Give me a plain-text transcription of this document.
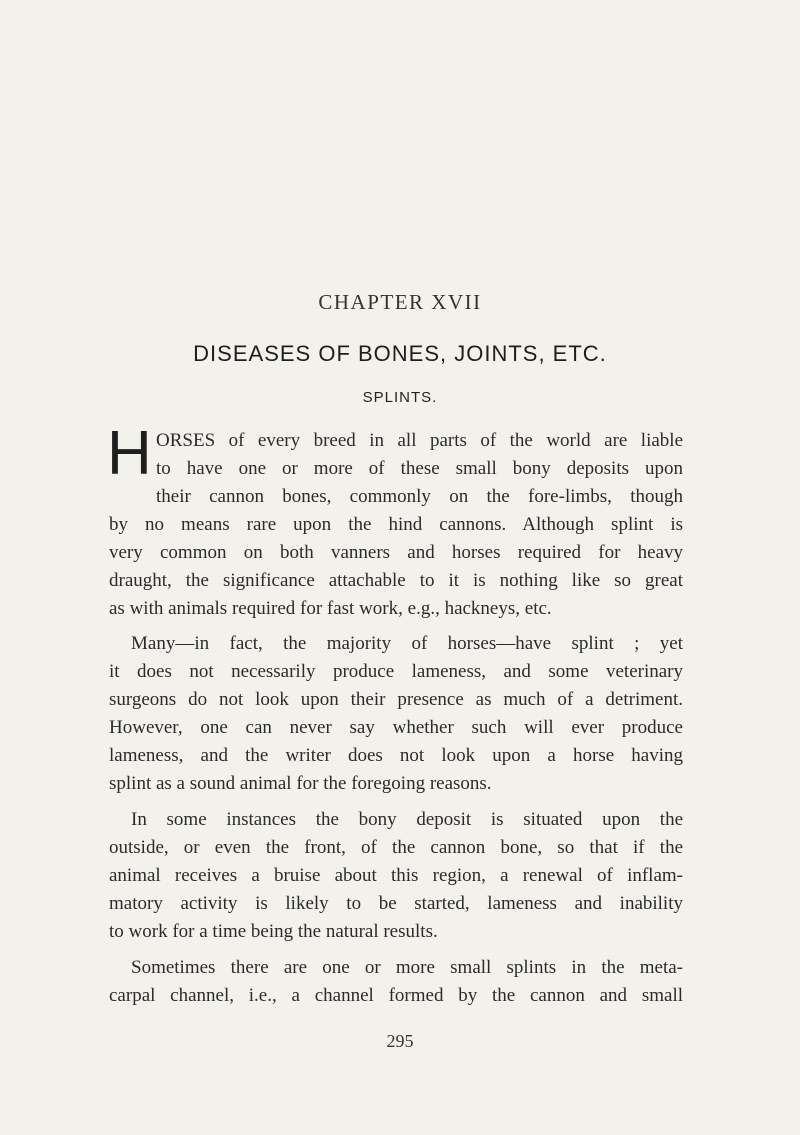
CHAPTER XVII
DISEASES OF BONES, JOINTS, ETC.
SPLINTS.
H ORSES of every breed in all parts of the world are liable
to have one or more of these small bony deposits upon
their cannon bones, commonly on the fore-limbs, though
by no means rare upon the hind cannons. Although splint is
very common on both vanners and horses required for heavy
draught, the significance attachable to it is nothing like so great
as with animals required for fast work, e.g., hackneys, etc.
Many—in fact, the majority of horses—have splint ; yet
it does not necessarily produce lameness, and some veterinary
surgeons do not look upon their presence as much of a detriment.
However, one can never say whether such will ever produce
lameness, and the writer does not look upon a horse having
splint as a sound animal for the foregoing reasons.
In some instances the bony deposit is situated upon the
outside, or even the front, of the cannon bone, so that if the
animal receives a bruise about this region, a renewal of inflam-
matory activity is likely to be started, lameness and inability
to work for a time being the natural results.
Sometimes there are one or more small splints in the meta-
carpal channel, i.e., a channel formed by the cannon and small
295
